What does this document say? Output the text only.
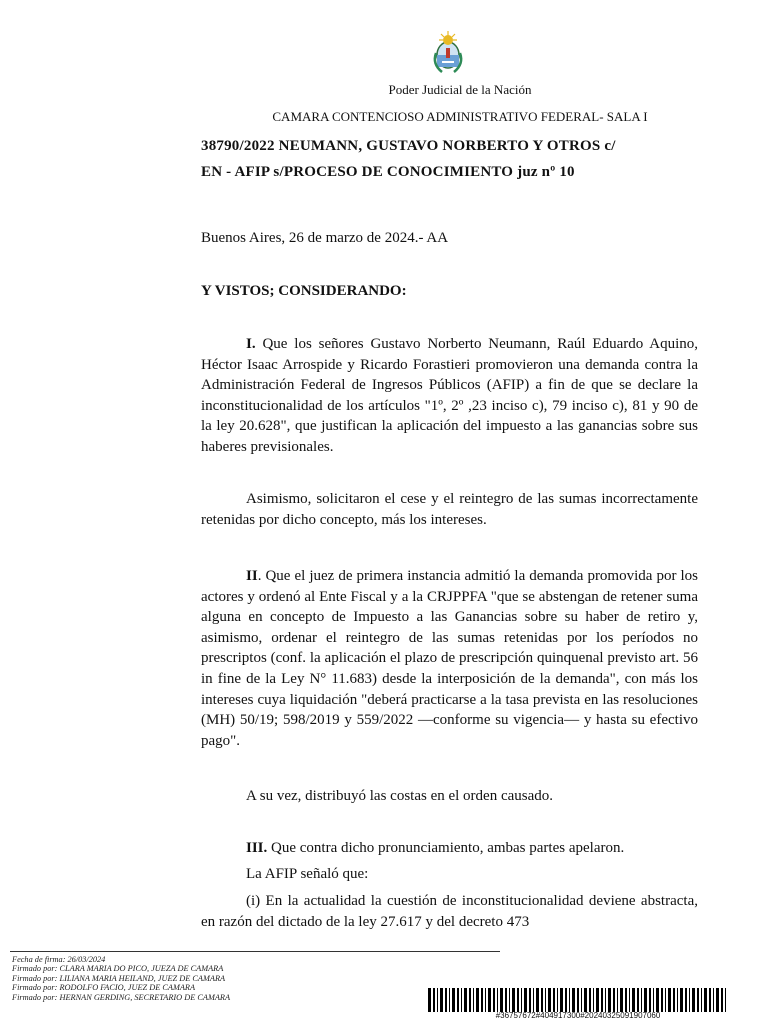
Poder Judicial de la Nación
CAMARA CONTENCIOSO ADMINISTRATIVO FEDERAL- SALA I
38790/2022 NEUMANN, GUSTAVO NORBERTO Y OTROS c/
EN - AFIP s/PROCESO DE CONOCIMIENTO juz nº 10
Buenos Aires, 26 de marzo de 2024.- AA
Y VISTOS; CONSIDERANDO:
I. Que los señores Gustavo Norberto Neumann, Raúl Eduardo Aquino, Héctor Isaac Arrospide y Ricardo Forastieri promovieron una demanda contra la Administración Federal de Ingresos Públicos (AFIP) a fin de que se declare la inconstitucionalidad de los artículos "1º, 2º ,23 inciso c), 79 inciso c), 81 y 90 de la ley 20.628", que justifican la aplicación del impuesto a las ganancias sobre sus haberes previsionales.
Asimismo, solicitaron el cese y el reintegro de las sumas incorrectamente retenidas por dicho concepto, más los intereses.
II. Que el juez de primera instancia admitió la demanda promovida por los actores y ordenó al Ente Fiscal y a la CRJPPFA "que se abstengan de retener suma alguna en concepto de Impuesto a las Ganancias sobre su haber de retiro y, asimismo, ordenar el reintegro de las sumas retenidas por los períodos no prescriptos (conf. la aplicación el plazo de prescripción quinquenal previsto art. 56 in fine de la Ley N° 11.683) desde la interposición de la demanda", con más los intereses cuya liquidación "deberá practicarse a la tasa prevista en las resoluciones (MH) 50/19; 598/2019 y 559/2022 —conforme su vigencia— y hasta su efectivo pago".
A su vez, distribuyó las costas en el orden causado.
III. Que contra dicho pronunciamiento, ambas partes apelaron.
La AFIP señaló que:
(i) En la actualidad la cuestión de inconstitucionalidad deviene abstracta, en razón del dictado de la ley 27.617 y del decreto 473
Fecha de firma: 26/03/2024
Firmado por: CLARA MARIA DO PICO, JUEZA DE CAMARA
Firmado por: LILIANA MARIA HEILAND, JUEZ DE CAMARA
Firmado por: RODOLFO FACIO, JUEZ DE CAMARA
Firmado por: HERNAN GERDING, SECRETARIO DE CAMARA
#36757672#404917300#20240325091907060
